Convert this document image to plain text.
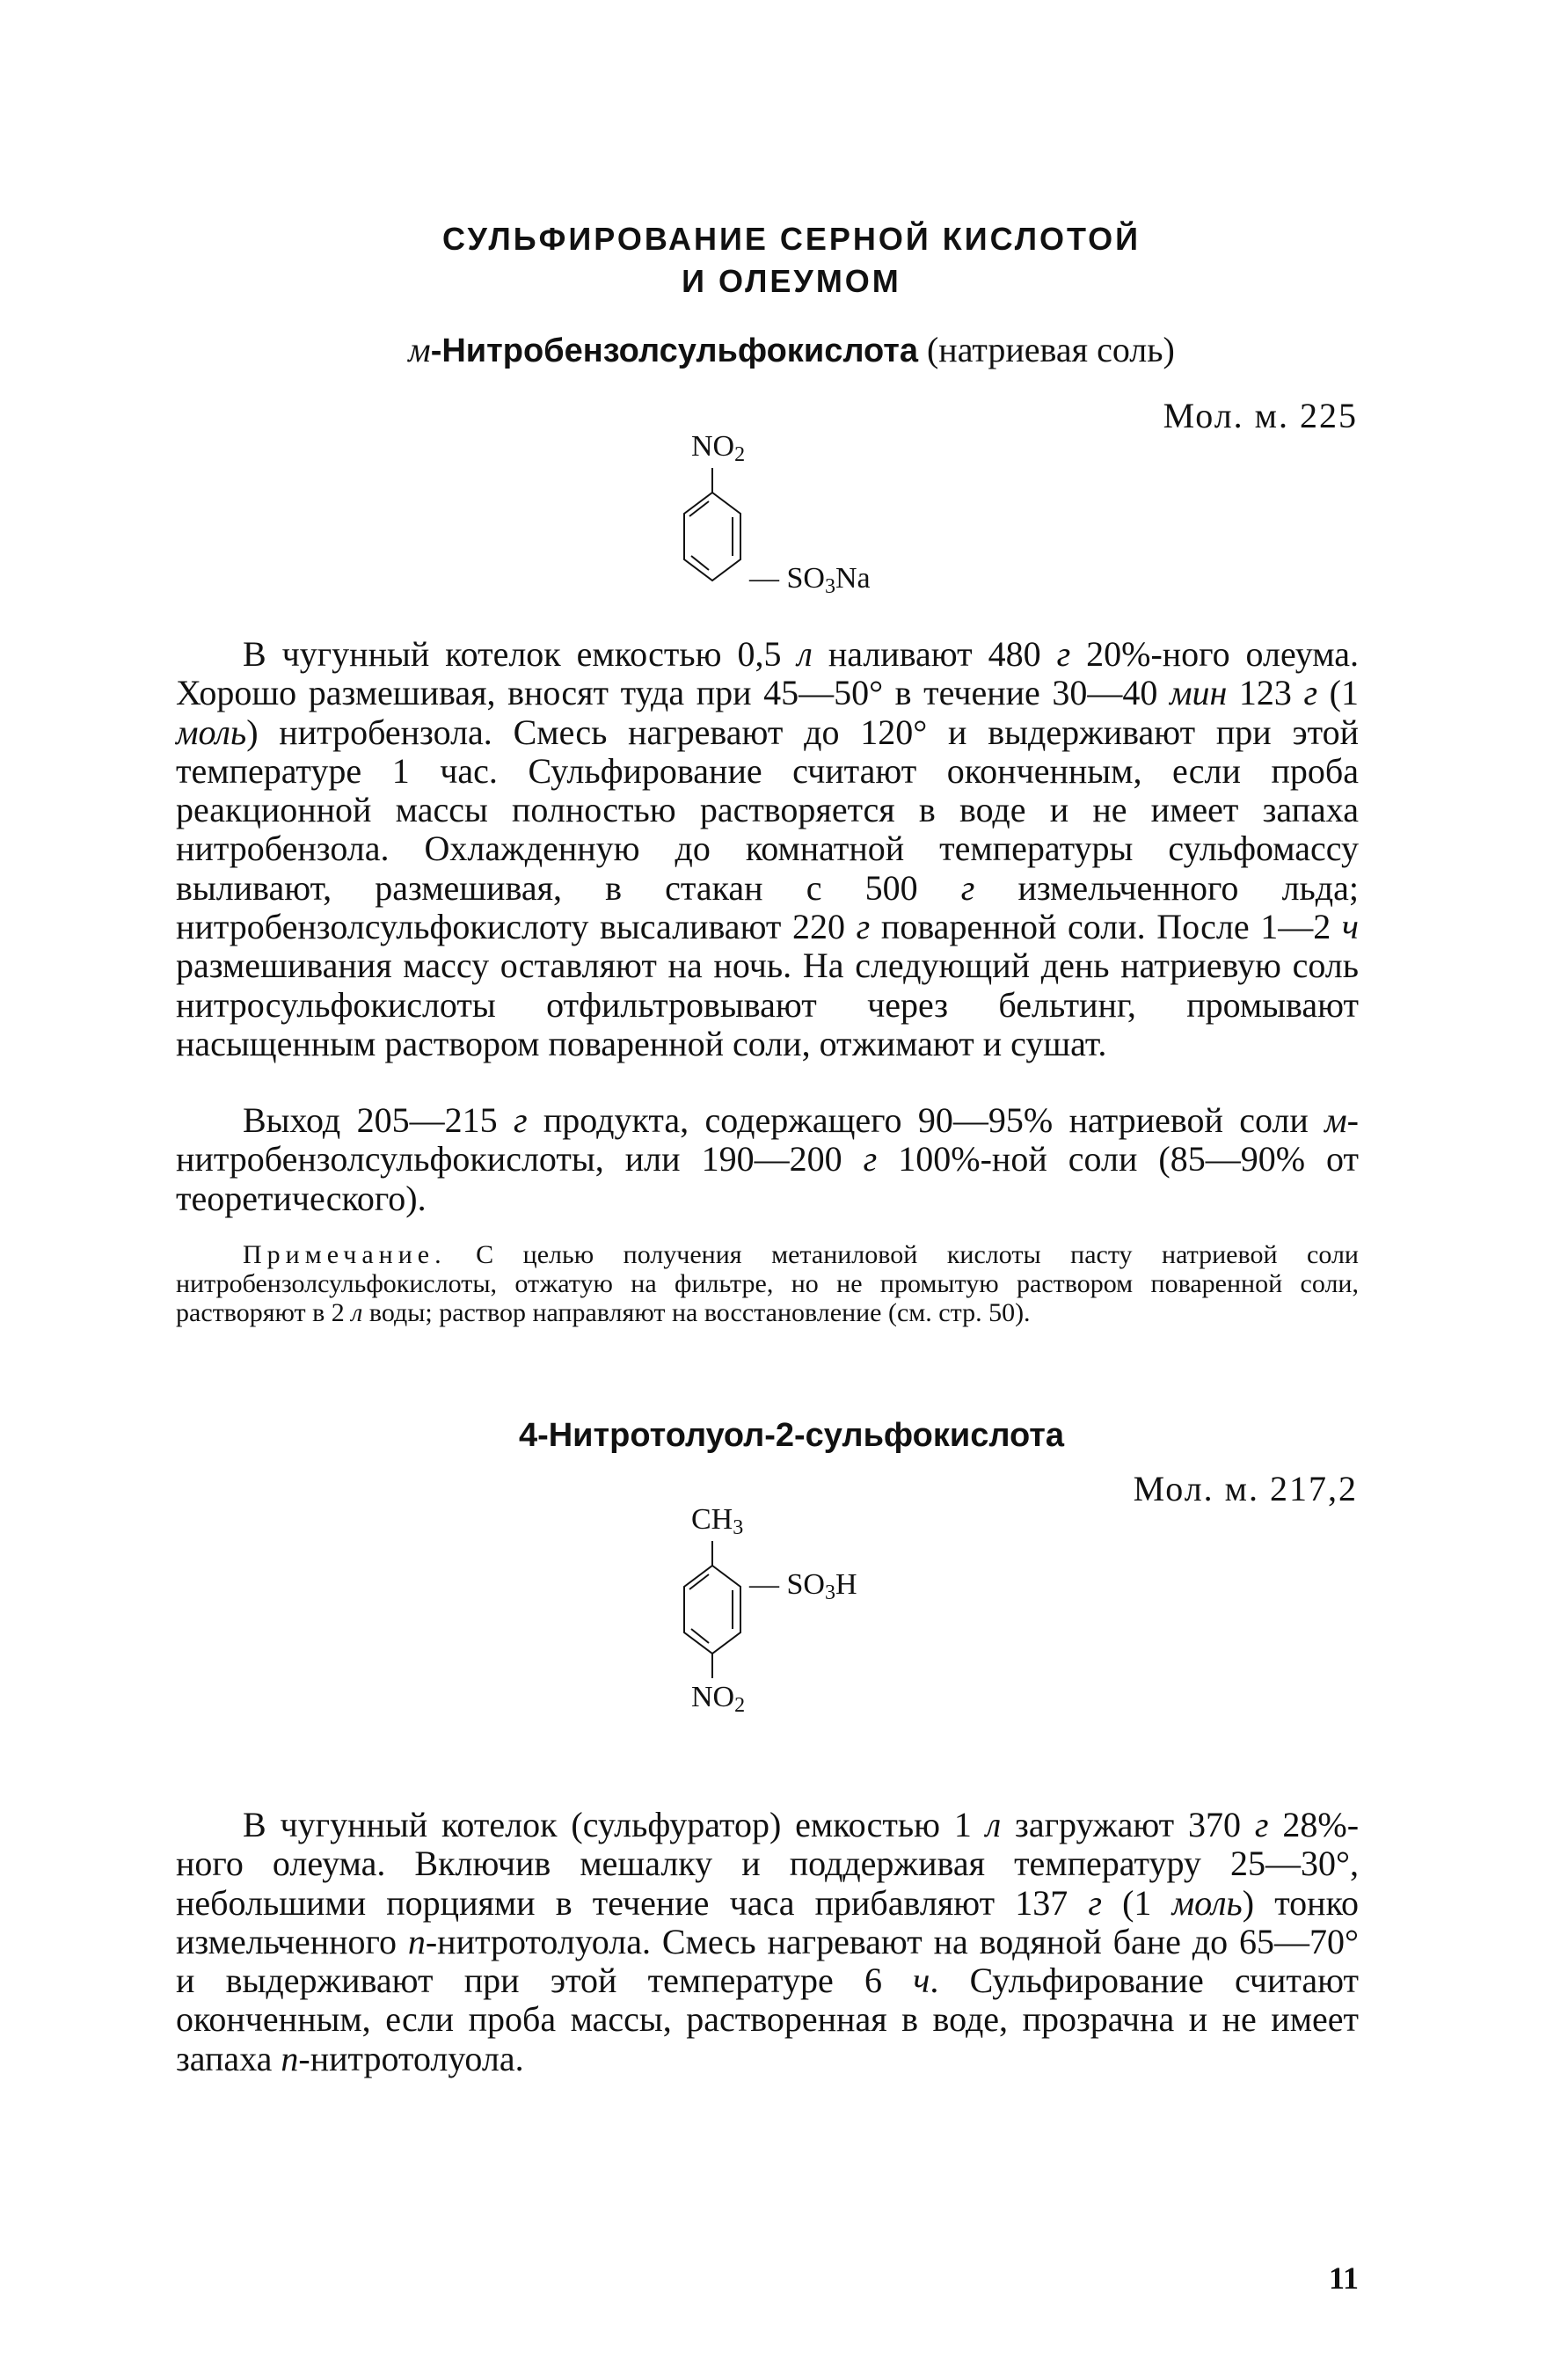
СУЛЬФИРОВАНИЕ СЕРНОЙ КИСЛОТОЙ
И ОЛЕУМОМ
м-Нитробензолсульфокислота (натриевая соль)
Мол. м. 225
$NO_2$
— $SO_3Na$

В чугунный котелок емкостью 0,5 л наливают 480 г 20%-ного олеума. Хорошо размешивая, вносят туда при 45—50° в течение 30—40 мин 123 г (1 моль) нитробензола. Смесь нагревают до 120° и выдерживают при этой температуре 1 час. Сульфирование считают оконченным, если проба реакционной массы полностью растворяется в воде и не имеет запаха нитробензола. Охлажденную до комнатной температуры сульфомассу выливают, размешивая, в стакан с 500 г измельченного льда; нитробензолсульфокислоту высаливают 220 г поваренной соли. После 1—2 ч размешивания массу оставляют на ночь. На следующий день натриевую соль нитросульфокислоты отфильтровывают через бельтинг, промывают насыщенным раствором поваренной соли, отжимают и сушат.

Выход 205—215 г продукта, содержащего 90—95% натриевой соли м-нитробензолсульфокислоты, или 190—200 г 100%-ной соли (85—90% от теоретического).

Примечание. С целью получения метаниловой кислоты пасту натриевой соли нитробензолсульфокислоты, отжатую на фильтре, но не промытую раствором поваренной соли, растворяют в 2 л воды; раствор направляют на восстановление (см. стр. 50).

4-Нитротолуол-2-сульфокислота
Мол. м. 217,2
$CH_3$
— $SO_3H$
$NO_2$

В чугунный котелок (сульфуратор) емкостью 1 л загружают 370 г 28%-ного олеума. Включив мешалку и поддерживая температуру 25—30°, небольшими порциями в течение часа прибавляют 137 г (1 моль) тонко измельченного п-нитротолуола. Смесь нагревают на водяной бане до 65—70° и выдерживают при этой температуре 6 ч. Сульфирование считают оконченным, если проба массы, растворенная в воде, прозрачна и не имеет запаха п-нитротолуола.

11
